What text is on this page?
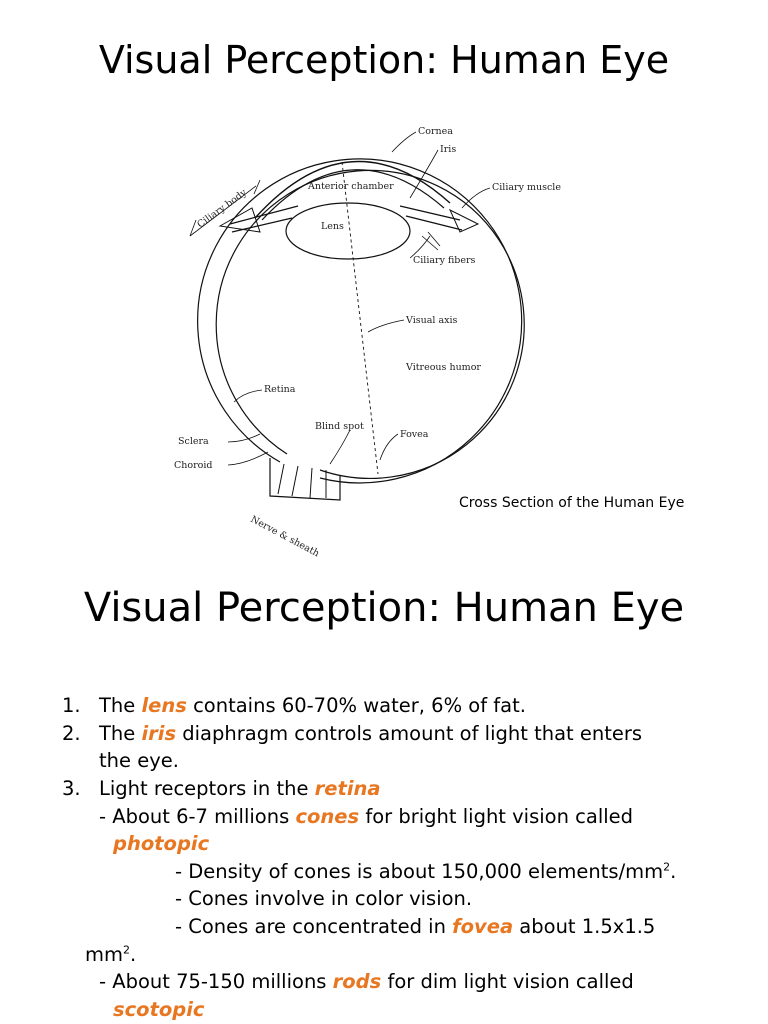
Visual Perception: Human Eye
Cornea
Iris
Ciliary muscle
Ciliary body
Anterior chamber
Lens
Ciliary fibers
Visual axis
Vitreous humor
Retina
Blind spot
Fovea
Sclera
Choroid
Nerve & sheath
Cross Section of the Human Eye
Visual Perception: Human Eye
1. The lens contains 60-70% water, 6% of fat.
2. The iris diaphragm controls amount of light that enters
the eye.
3. Light receptors in the retina
- About 6-7 millions cones for bright light vision called
photopic
- Density of cones is about 150,000 elements/$mm^2$.
- Cones involve in color vision.
- Cones are concentrated in fovea about 1.5x1.5
$mm^2$.
- About 75-150 millions rods for dim light vision called
scotopic
